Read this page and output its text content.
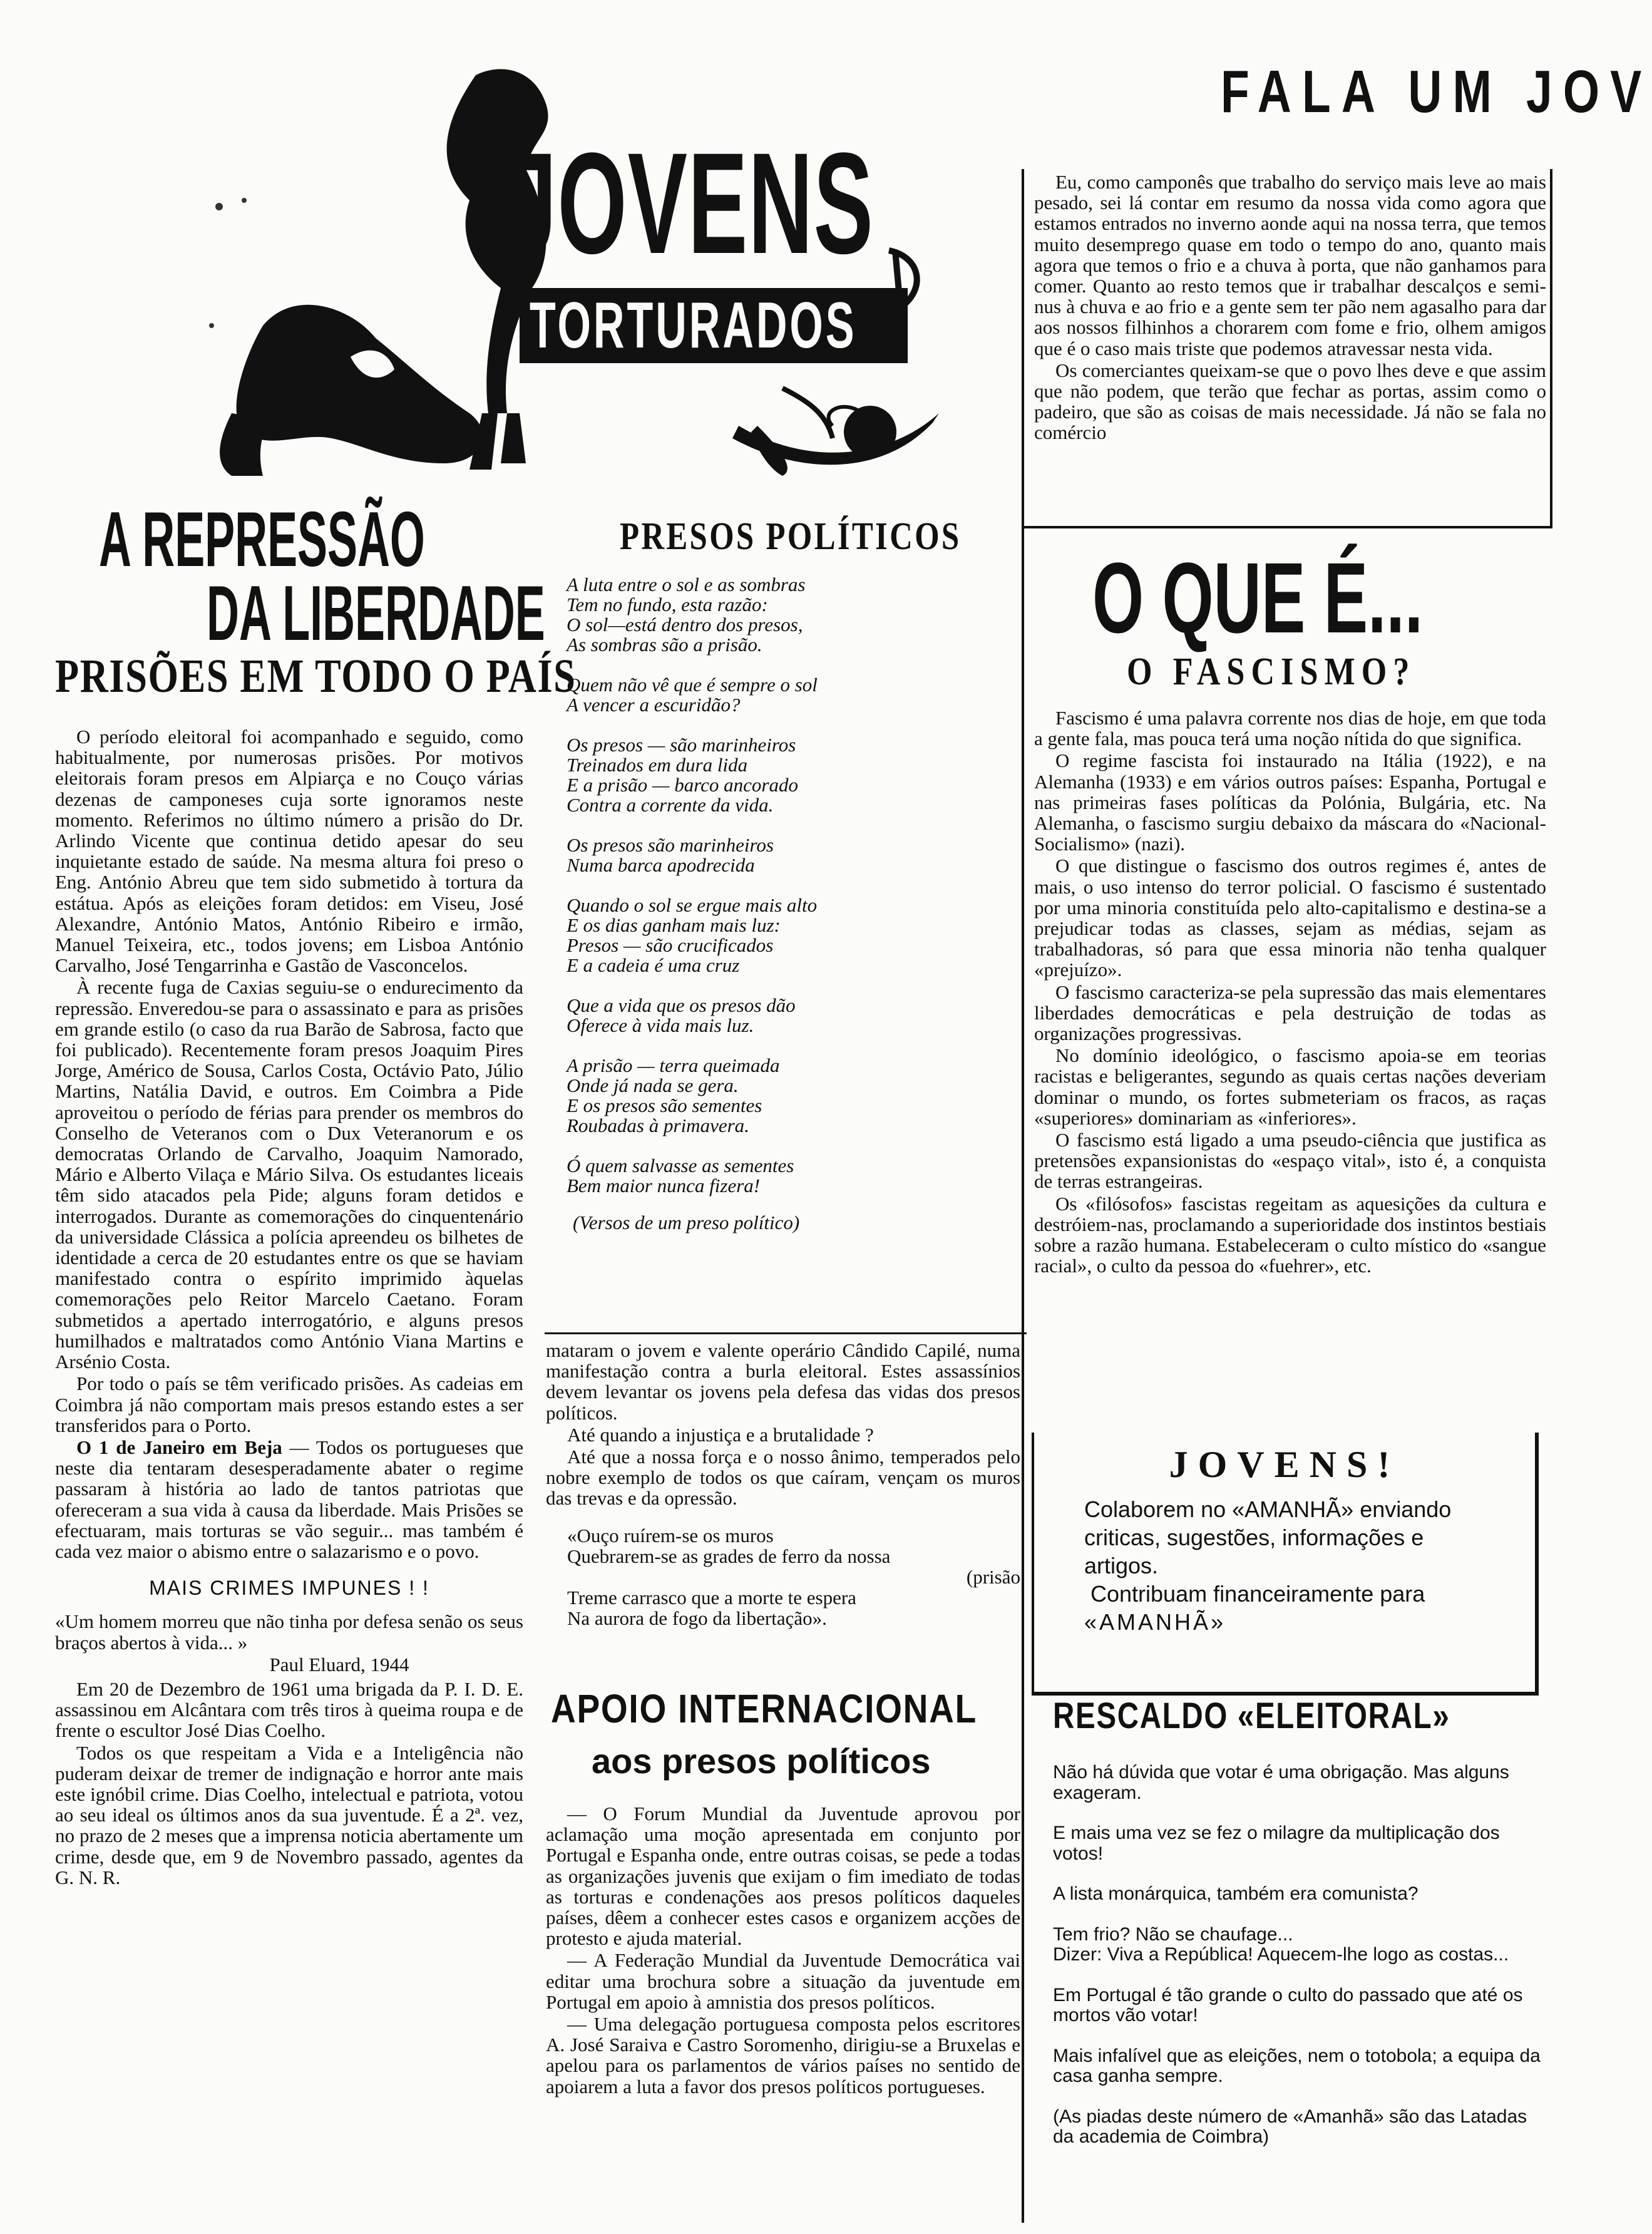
FALA UM JOV
JOVENS
TORTURADOS
A REPRESSÃO
DA LIBERDADE
PRISÕES EM TODO O PAÍS

O período eleitoral foi acompanhado e seguido, como habitualmente, por numerosas prisões. Por motivos eleitorais foram presos em Alpiarça e no Couço várias dezenas de camponeses cuja sorte ignoramos neste momento. Referimos no último número a prisão do Dr. Arlindo Vicente que continua detido apesar do seu inquietante estado de saúde. Na mesma altura foi preso o Eng. António Abreu que tem sido submetido à tortura da estátua. Após as eleições foram detidos: em Viseu, José Alexandre, António Matos, António Ribeiro e irmão, Manuel Teixeira, etc., todos jovens; em Lisboa António Carvalho, José Tengarrinha e Gastão de Vasconcelos.

À recente fuga de Caxias seguiu-se o endurecimento da repressão. Enveredou-se para o assassinato e para as prisões em grande estilo (o caso da rua Barão de Sabrosa, facto que foi publicado). Recentemente foram presos Joaquim Pires Jorge, Américo de Sousa, Carlos Costa, Octávio Pato, Júlio Martins, Natália David, e outros. Em Coimbra a Pide aproveitou o período de férias para prender os membros do Conselho de Veteranos com o Dux Veteranorum e os democratas Orlando de Carvalho, Joaquim Namorado, Mário e Alberto Vilaça e Mário Silva. Os estudantes liceais têm sido atacados pela Pide; alguns foram detidos e interrogados. Durante as comemorações do cinquentenário da universidade Clássica a polícia apreendeu os bilhetes de identidade a cerca de 20 estudantes entre os que se haviam manifestado contra o espírito imprimido àquelas comemorações pelo Reitor Marcelo Caetano. Foram submetidos a apertado interrogatório, e alguns presos humilhados e maltratados como António Viana Martins e Arsénio Costa.

Por todo o país se têm verificado prisões. As cadeias em Coimbra já não comportam mais presos estando estes a ser transferidos para o Porto.

O 1 de Janeiro em Beja — Todos os portugueses que neste dia tentaram desesperadamente abater o regime passaram à história ao lado de tantos patriotas que ofereceram a sua vida à causa da liberdade. Mais Prisões se efectuaram, mais torturas se vão seguir... mas também é cada vez maior o abismo entre o salazarismo e o povo.

MAIS CRIMES IMPUNES ! !

«Um homem morreu que não tinha por defesa senão os seus braços abertos à vida... »

Paul Eluard, 1944

Em 20 de Dezembro de 1961 uma brigada da P. I. D. E. assassinou em Alcântara com três tiros à queima roupa e de frente o escultor José Dias Coelho.

Todos os que respeitam a Vida e a Inteligência não puderam deixar de tremer de indignação e horror ante mais este ignóbil crime. Dias Coelho, intelectual e patriota, votou ao seu ideal os últimos anos da sua juventude. É a 2ª. vez, no prazo de 2 meses que a imprensa noticia abertamente um crime, desde que, em 9 de Novembro passado, agentes da G. N. R.

PRESOS POLÍTICOS
A luta entre o sol e as sombras
Tem no fundo, esta razão:
O sol—está dentro dos presos,
As sombras são a prisão.
Quem não vê que é sempre o sol
A vencer a escuridão?
Os presos — são marinheiros
Treinados em dura lida
E a prisão — barco ancorado
Contra a corrente da vida.
Os presos são marinheiros
Numa barca apodrecida
Quando o sol se ergue mais alto
E os dias ganham mais luz:
Presos — são crucificados
E a cadeia é uma cruz
Que a vida que os presos dão
Oferece à vida mais luz.
A prisão — terra queimada
Onde já nada se gera.
E os presos são sementes
Roubadas à primavera.
Ó quem salvasse as sementes
Bem maior nunca fizera!
(Versos de um preso político)

mataram o jovem e valente operário Cândido Capilé, numa manifestação contra a burla eleitoral. Estes assassínios devem levantar os jovens pela defesa das vidas dos presos políticos.

Até quando a injustiça e a brutalidade ?

Até que a nossa força e o nosso ânimo, temperados pelo nobre exemplo de todos os que caíram, vençam os muros das trevas e da opressão.

«Ouço ruírem-se os muros
Quebrarem-se as grades de ferro da nossa
(prisão
Treme carrasco que a morte te espera
Na aurora de fogo da libertação».
APOIO INTERNACIONAL
aos presos políticos

— O Forum Mundial da Juventude aprovou por aclamação uma moção apresentada em conjunto por Portugal e Espanha onde, entre outras coisas, se pede a todas as organizações juvenis que exijam o fim imediato de todas as torturas e condenações aos presos políticos daqueles países, dêem a conhecer estes casos e organizem acções de protesto e ajuda material.

— A Federação Mundial da Juventude Democrática vai editar uma brochura sobre a situação da juventude em Portugal em apoio à amnistia dos presos políticos.

— Uma delegação portuguesa composta pelos escritores A. José Saraiva e Castro Soromenho, dirigiu-se a Bruxelas e apelou para os parlamentos de vários países no sentido de apoiarem a luta a favor dos presos políticos portugueses.

Eu, como camponês que trabalho do serviço mais leve ao mais pesado, sei lá contar em resumo da nossa vida como agora que estamos entrados no inverno aonde aqui na nossa terra, que temos muito desemprego quase em todo o tempo do ano, quanto mais agora que temos o frio e a chuva à porta, que não ganhamos para comer. Quanto ao resto temos que ir trabalhar descalços e semi-nus à chuva e ao frio e a gente sem ter pão nem agasalho para dar aos nossos filhinhos a chorarem com fome e frio, olhem amigos que é o caso mais triste que podemos atravessar nesta vida.

Os comerciantes queixam-se que o povo lhes deve e que assim que não podem, que terão que fechar as portas, assim como o padeiro, que são as coisas de mais necessidade. Já não se fala no comércio

O QUE É...
O FASCISMO?

Fascismo é uma palavra corrente nos dias de hoje, em que toda a gente fala, mas pouca terá uma noção nítida do que significa.

O regime fascista foi instaurado na Itália (1922), e na Alemanha (1933) e em vários outros países: Espanha, Portugal e nas primeiras fases políticas da Polónia, Bulgária, etc. Na Alemanha, o fascismo surgiu debaixo da máscara do «Nacional-Socialismo» (nazi).

O que distingue o fascismo dos outros regimes é, antes de mais, o uso intenso do terror policial. O fascismo é sustentado por uma minoria constituída pelo alto-capitalismo e destina-se a prejudicar todas as classes, sejam as médias, sejam as trabalhadoras, só para que essa minoria não tenha qualquer «prejuízo».

O fascismo caracteriza-se pela supressão das mais elementares liberdades democráticas e pela destruição de todas as organizações progressivas.

No domínio ideológico, o fascismo apoia-se em teorias racistas e beligerantes, segundo as quais certas nações deveriam dominar o mundo, os fortes submeteriam os fracos, as raças «superiores» dominariam as «inferiores».

O fascismo está ligado a uma pseudo-ciência que justifica as pretensões expansionistas do «espaço vital», isto é, a conquista de terras estrangeiras.

Os «filósofos» fascistas regeitam as aquesições da cultura e destróiem-nas, proclamando a superioridade dos instintos bestiais sobre a razão humana. Estabeleceram o culto místico do «sangue racial», o culto da pessoa do «fuehrer», etc.

JOVENS!
Colaborem no «AMANHÃ» enviando
criticas, sugestões, informações e
artigos.
Contribuam financeiramente para
«AMANHÃ»
RESCALDO «ELEITORAL»
Não há dúvida que votar é uma obrigação. Mas alguns exageram.
E mais uma vez se fez o milagre da multiplicação dos votos!
A lista monárquica, também era comunista?
Tem frio? Não se chaufage...
Dizer: Viva a República! Aquecem-lhe logo as costas...
Em Portugal é tão grande o culto do passado que até os mortos vão votar!
Mais infalível que as eleições, nem o totobola; a equipa da casa ganha sempre.
(As piadas deste número de «Amanhã» são das Latadas da academia de Coimbra)
